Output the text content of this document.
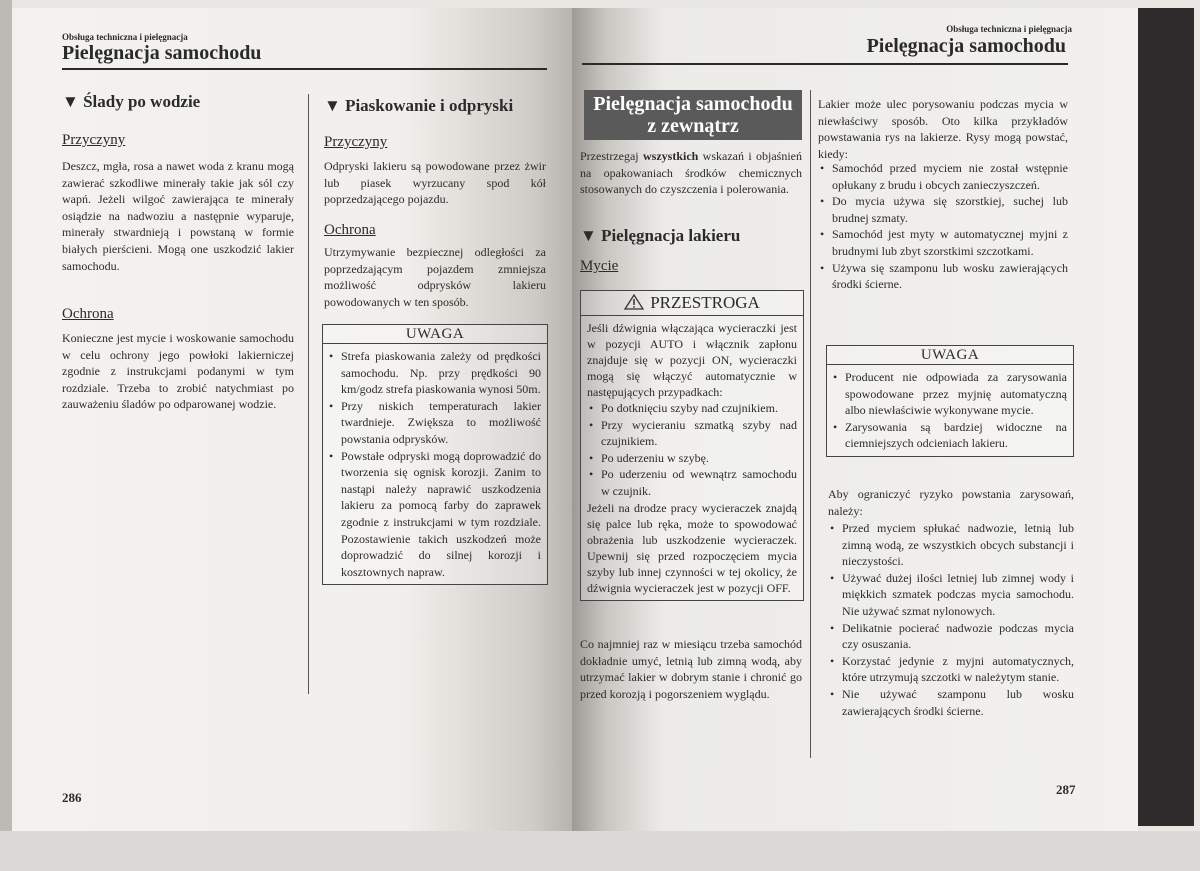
Obsługa techniczna i pielęgnacja
Pielęgnacja samochodu
▼ Ślady po wodzie
Przyczyny
Deszcz, mgła, rosa a nawet woda z kranu mogą zawierać szkodliwe minerały takie jak sól czy wapń. Jeżeli wilgoć zawierająca te minerały osiądzie na nadwoziu a następnie wyparuje, minerały stwardnieją i powstaną w formie białych pierścieni. Mogą one uszkodzić lakier samochodu.
Ochrona
Konieczne jest mycie i woskowanie samochodu w celu ochrony jego powłoki lakierniczej zgodnie z instrukcjami podanymi w tym rozdziale. Trzeba to zrobić natychmiast po zauważeniu śladów po odparowanej wodzie.
▼ Piaskowanie i odpryski
Przyczyny
Odpryski lakieru są powodowane przez żwir lub piasek wyrzucany spod kół poprzedzającego pojazdu.
Ochrona
Utrzymywanie bezpiecznej odległości za poprzedzającym pojazdem zmniejsza możliwość odprysków lakieru powodowanych w ten sposób.
UWAGA
• Strefa piaskowania zależy od prędkości samochodu. Np. przy prędkości 90 km/godz strefa piaskowania wynosi 50m.
• Przy niskich temperaturach lakier twardnieje. Zwiększa to możliwość powstania odprysków.
• Powstałe odpryski mogą doprowadzić do tworzenia się ognisk korozji. Zanim to nastąpi należy naprawić uszkodzenia lakieru za pomocą farby do zaprawek zgodnie z instrukcjami w tym rozdziale. Pozostawienie takich uszkodzeń może doprowadzić do silnej korozji i kosztownych napraw.
286
Obsługa techniczna i pielęgnacja
Pielęgnacja samochodu
Pielęgnacja samochodu
z zewnątrz
Przestrzegaj wszystkich wskazań i objaśnień na opakowaniach środków chemicznych stosowanych do czyszczenia i polerowania.
▼ Pielęgnacja lakieru
Mycie
PRZESTROGA
Jeśli dźwignia włączająca wycieraczki jest w pozycji AUTO i włącznik zapłonu znajduje się w pozycji ON, wycieraczki mogą się włączyć automatycznie w następujących przypadkach:
• Po dotknięciu szyby nad czujnikiem.
• Przy wycieraniu szmatką szyby nad czujnikiem.
• Po uderzeniu w szybę.
• Po uderzeniu od wewnątrz samochodu w czujnik.
Jeżeli na drodze pracy wycieraczek znajdą się palce lub ręka, może to spowodować obrażenia lub uszkodzenie wycieraczek. Upewnij się przed rozpoczęciem mycia szyby lub innej czynności w tej okolicy, że dźwignia wycieraczek jest w pozycji OFF.
Co najmniej raz w miesiącu trzeba samochód dokładnie umyć, letnią lub zimną wodą, aby utrzymać lakier w dobrym stanie i chronić go przed korozją i pogorszeniem wyglądu.
Lakier może ulec porysowaniu podczas mycia w niewłaściwy sposób. Oto kilka przykładów powstawania rys na lakierze. Rysy mogą powstać, kiedy:
• Samochód przed myciem nie został wstępnie opłukany z brudu i obcych zanieczyszczeń.
• Do mycia używa się szorstkiej, suchej lub brudnej szmaty.
• Samochód jest myty w automatycznej myjni z brudnymi lub zbyt szorstkimi szczotkami.
• Używa się szamponu lub wosku zawierających środki ścierne.
UWAGA
• Producent nie odpowiada za zarysowania spowodowane przez myjnię automatyczną albo niewłaściwie wykonywane mycie.
• Zarysowania są bardziej widoczne na ciemniejszych odcieniach lakieru.
Aby ograniczyć ryzyko powstania zarysowań, należy:
• Przed myciem spłukać nadwozie, letnią lub zimną wodą, ze wszystkich obcych substancji i nieczystości.
• Używać dużej ilości letniej lub zimnej wody i miękkich szmatek podczas mycia samochodu. Nie używać szmat nylonowych.
• Delikatnie pocierać nadwozie podczas mycia czy osuszania.
• Korzystać jedynie z myjni automatycznych, które utrzymują szczotki w należytym stanie.
• Nie używać szamponu lub wosku zawierających środki ścierne.
287
